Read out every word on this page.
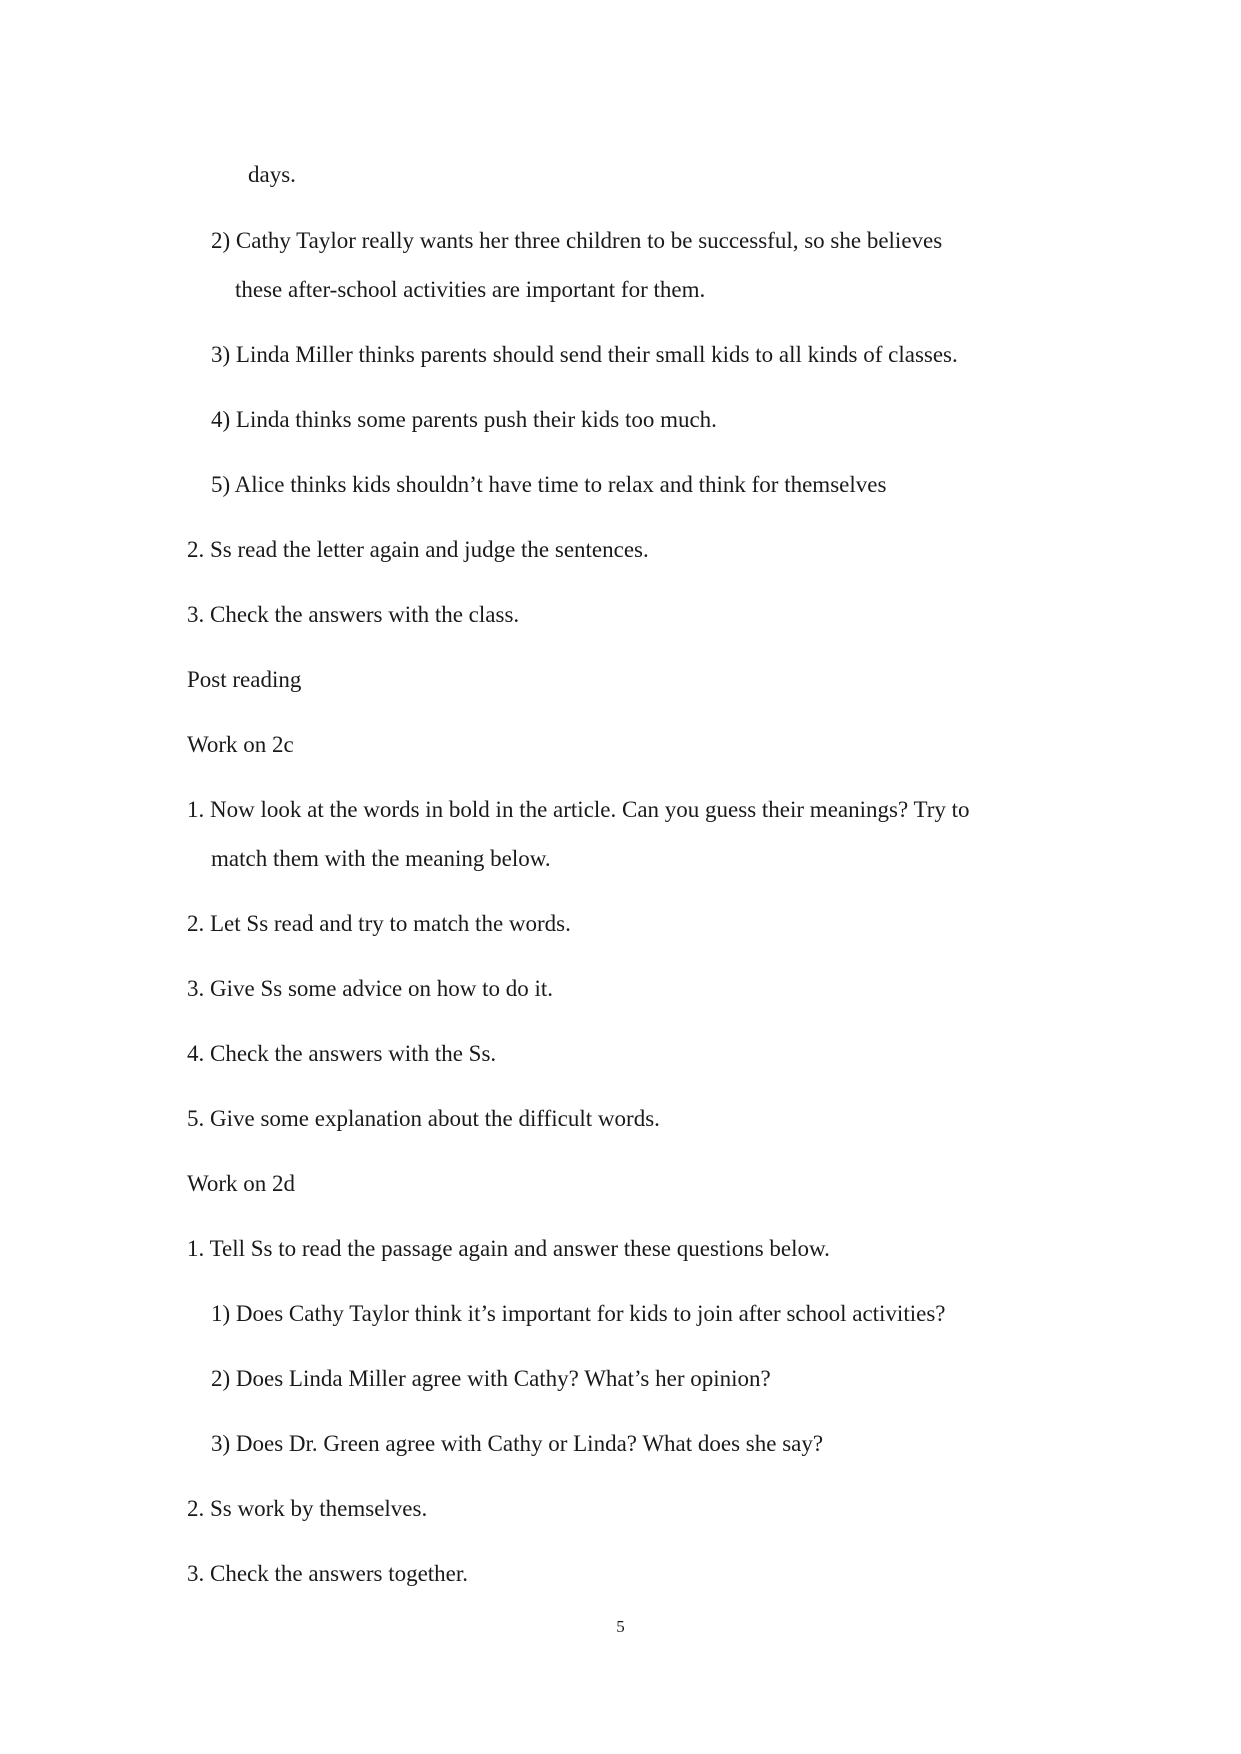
days.
2) Cathy Taylor really wants her three children to be successful, so she believes
these after-school activities are important for them.
3) Linda Miller thinks parents should send their small kids to all kinds of classes.
4) Linda thinks some parents push their kids too much.
5) Alice thinks kids shouldn’t have time to relax and think for themselves
2. Ss read the letter again and judge the sentences.
3. Check the answers with the class.
Post reading
Work on 2c
1. Now look at the words in bold in the article. Can you guess their meanings? Try to
match them with the meaning below.
2. Let Ss read and try to match the words.
3. Give Ss some advice on how to do it.
4. Check the answers with the Ss.
5. Give some explanation about the difficult words.
Work on 2d
1. Tell Ss to read the passage again and answer these questions below.
1) Does Cathy Taylor think it’s important for kids to join after school activities?
2) Does Linda Miller agree with Cathy? What’s her opinion?
3) Does Dr. Green agree with Cathy or Linda? What does she say?
2. Ss work by themselves.
3. Check the answers together.
5
